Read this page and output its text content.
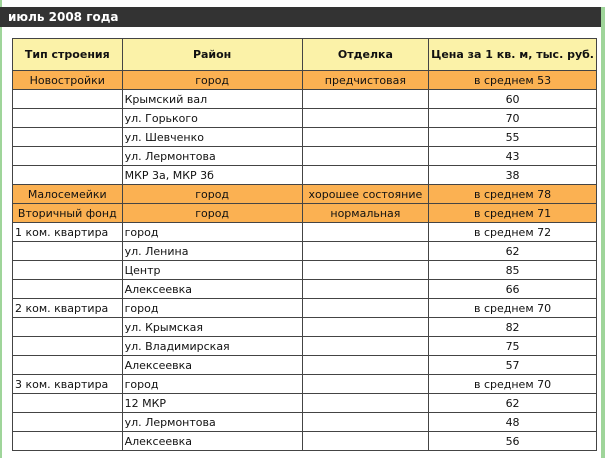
июль 2008 года
Тип строения	Район	Отделка	Цена за 1 кв. м, тыс. руб.
Новостройки	город	предчистовая	в среднем 53
	Крымский вал		60
	ул. Горького		70
	ул. Шевченко		55
	ул. Лермонтова		43
	МКР 3а, МКР 3б		38
Малосемейки	город	хорошее состояние	в среднем 78
Вторичный фонд	город	нормальная	в среднем 71
1 ком. квартира	город		в среднем 72
	ул. Ленина		62
	Центр		85
	Алексеевка		66
2 ком. квартира	город		в среднем 70
	ул. Крымская		82
	ул. Владимирская		75
	Алексеевка		57
3 ком. квартира	город		в среднем 70
	12 МКР		62
	ул. Лермонтова		48
	Алексеевка		56
